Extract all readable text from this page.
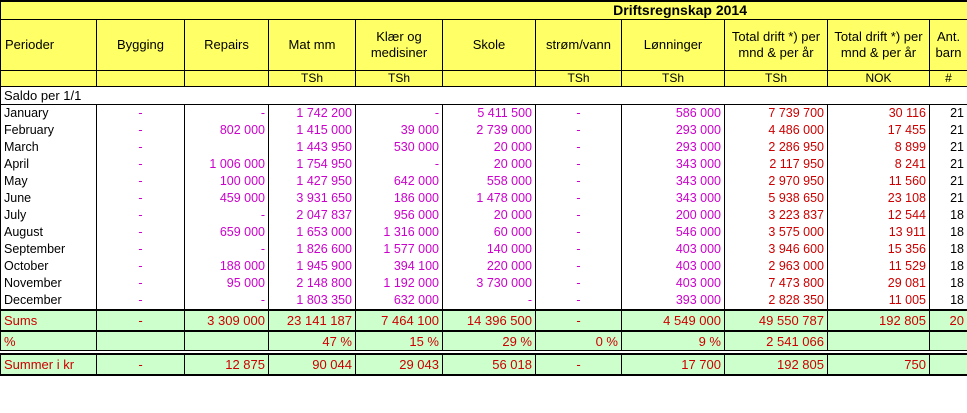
Driftsregnskap 2014										
Perioder	Bygging	Repairs	Mat mm	Klær og medisiner	Skole	strøm/vann	Lønninger	Total drift *) per mnd & per år	Total drift *) per mnd & per år	Ant. barn
			TSh	TSh		TSh	TSh	TSh	NOK	#
Saldo per 1/1										
January	-	-	1 742 200	-	5 411 500	-	586 000	7 739 700	30 116	21
February	-	802 000	1 415 000	39 000	2 739 000	-	293 000	4 486 000	17 455	21
March	-		1 443 950	530 000	20 000	-	293 000	2 286 950	8 899	21
April	-	1 006 000	1 754 950	-	20 000	-	343 000	2 117 950	8 241	21
May	-	100 000	1 427 950	642 000	558 000	-	343 000	2 970 950	11 560	21
June	-	459 000	3 931 650	186 000	1 478 000	-	343 000	5 938 650	23 108	21
July	-	-	2 047 837	956 000	20 000	-	200 000	3 223 837	12 544	18
August	-	659 000	1 653 000	1 316 000	60 000	-	546 000	3 575 000	13 911	18
September	-	-	1 826 600	1 577 000	140 000	-	403 000	3 946 600	15 356	18
October	-	188 000	1 945 900	394 100	220 000	-	403 000	2 963 000	11 529	18
November	-	95 000	2 148 800	1 192 000	3 730 000	-	403 000	7 473 800	29 081	18
December	-	-	1 803 350	632 000	-	-	393 000	2 828 350	11 005	18
Sums	-	3 309 000	23 141 187	7 464 100	14 396 500	-	4 549 000	49 550 787	192 805	20
%			47 %	15 %	29 %	0 %	9 %	2 541 066		

Summer i kr	-	12 875	90 044	29 043	56 018	-	17 700	192 805	750	
